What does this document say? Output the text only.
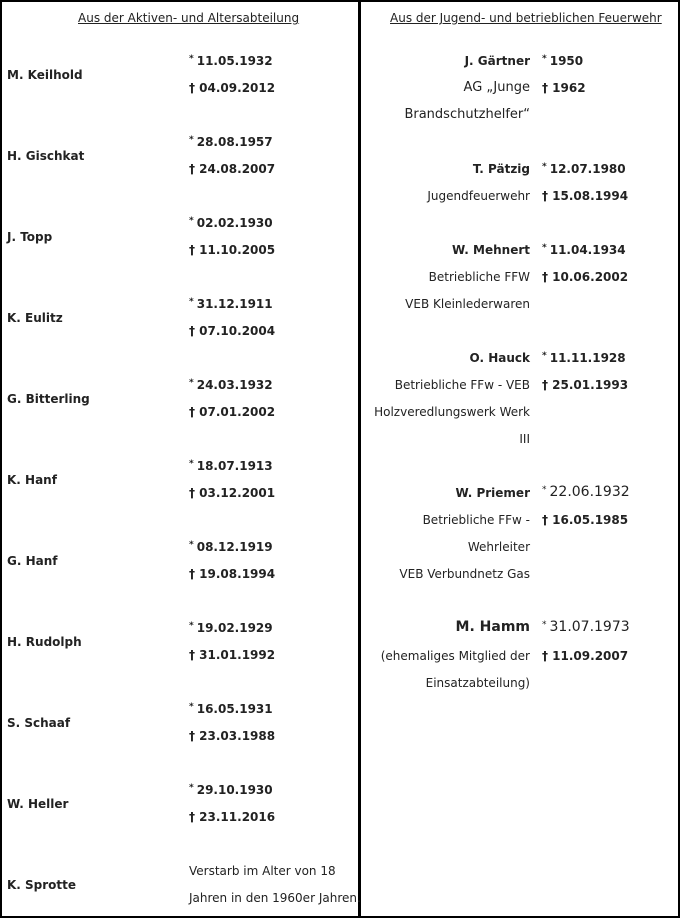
Aus der Aktiven- und Altersabteilung	Aus der Jugend- und betrieblichen Feuerwehr
M. Keilhold
* 11.05.1932
† 04.09.2012
H. Gischkat
* 28.08.1957
† 24.08.2007
J. Topp
* 02.02.1930
† 11.10.2005
K. Eulitz
* 31.12.1911
† 07.10.2004
G. Bitterling
* 24.03.1932
† 07.01.2002
K. Hanf
* 18.07.1913
† 03.12.2001
G. Hanf
* 08.12.1919
† 19.08.1994
H. Rudolph
* 19.02.1929
† 31.01.1992
S. Schaaf
* 16.05.1931
† 23.03.1988
W. Heller
* 29.10.1930
† 23.11.2016
K. Sprotte
Verstarb im Alter von 18
Jahren in den 1960er Jahren.
J. Gärtner
AG „Junge
Brandschutzhelfer“
* 1950
† 1962
T. Pätzig
Jugendfeuerwehr
* 12.07.1980
† 15.08.1994
W. Mehnert
Betriebliche FFW
VEB Kleinlederwaren
* 11.04.1934
† 10.06.2002
O. Hauck
Betriebliche FFw - VEB
Holzveredlungswerk Werk
III
* 11.11.1928
† 25.01.1993
W. Priemer
Betriebliche FFw -
Wehrleiter
VEB Verbundnetz Gas
* 22.06.1932
† 16.05.1985
M. Hamm
(ehemaliges Mitglied der
Einsatzabteilung)
* 31.07.1973
† 11.09.2007
